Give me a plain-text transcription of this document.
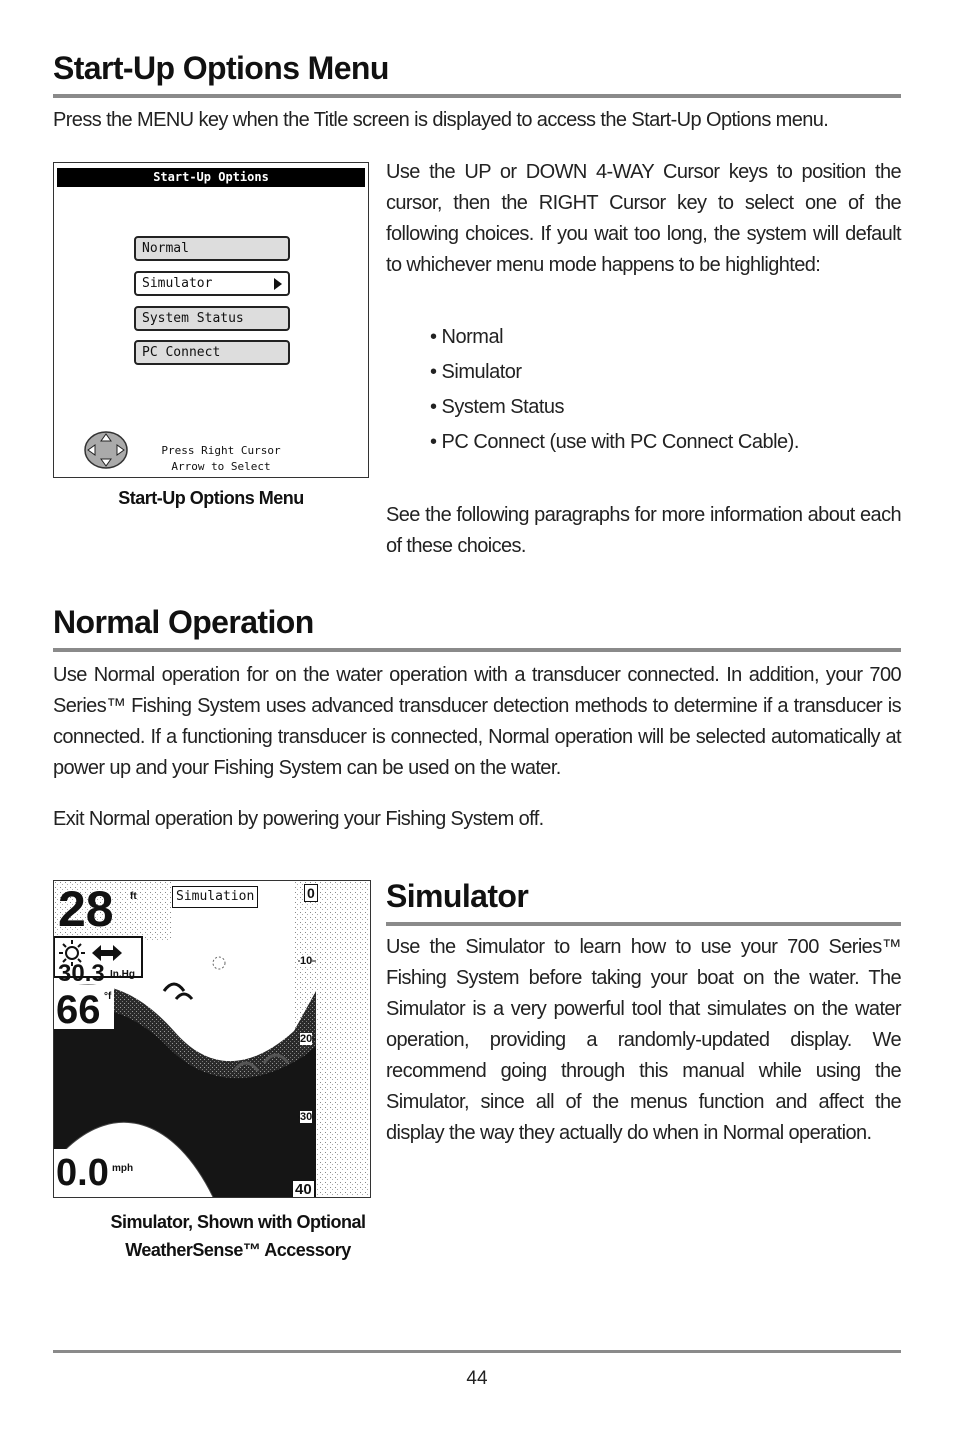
Start-Up Options Menu

Press the MENU key when the Title screen is displayed to access the Start-Up Options menu.

Start-Up Options
Normal
Simulator
System Status
PC Connect
Press Right Cursor Arrow to Select
Start-Up Options Menu

Use the UP or DOWN 4-WAY Cursor keys to position the cursor, then the RIGHT Cursor key to select one of the following choices. If you wait too long, the system will default to whichever menu mode happens to be highlighted:

• Normal
• Simulator
• System Status
• PC Connect (use with PC Connect Cable).

See the following paragraphs for more information about each of these choices.

Normal Operation

Use Normal operation for on the water operation with a transducer connected. In addition, your 700 Series™ Fishing System uses advanced transducer detection methods to determine if a transducer is connected. If a functioning transducer is connected, Normal operation will be selected automatically at power up and your Fishing System can be used on the water.

Exit Normal operation by powering your Fishing System off.

28 ft	Simulation
30.3 In.Hg
66 °f
0.0 mph
0
10
20
30
40
Simulator, Shown with Optional
WeatherSense™ Accessory
Simulator

Use the Simulator to learn how to use your 700 Series™ Fishing System before taking your boat on the water. The Simulator is a very powerful tool that simulates on the water operation, providing a randomly-updated display. We recommend going through this manual while using the Simulator, since all of the menus function and affect the display the way they actually do when in Normal operation.

44
